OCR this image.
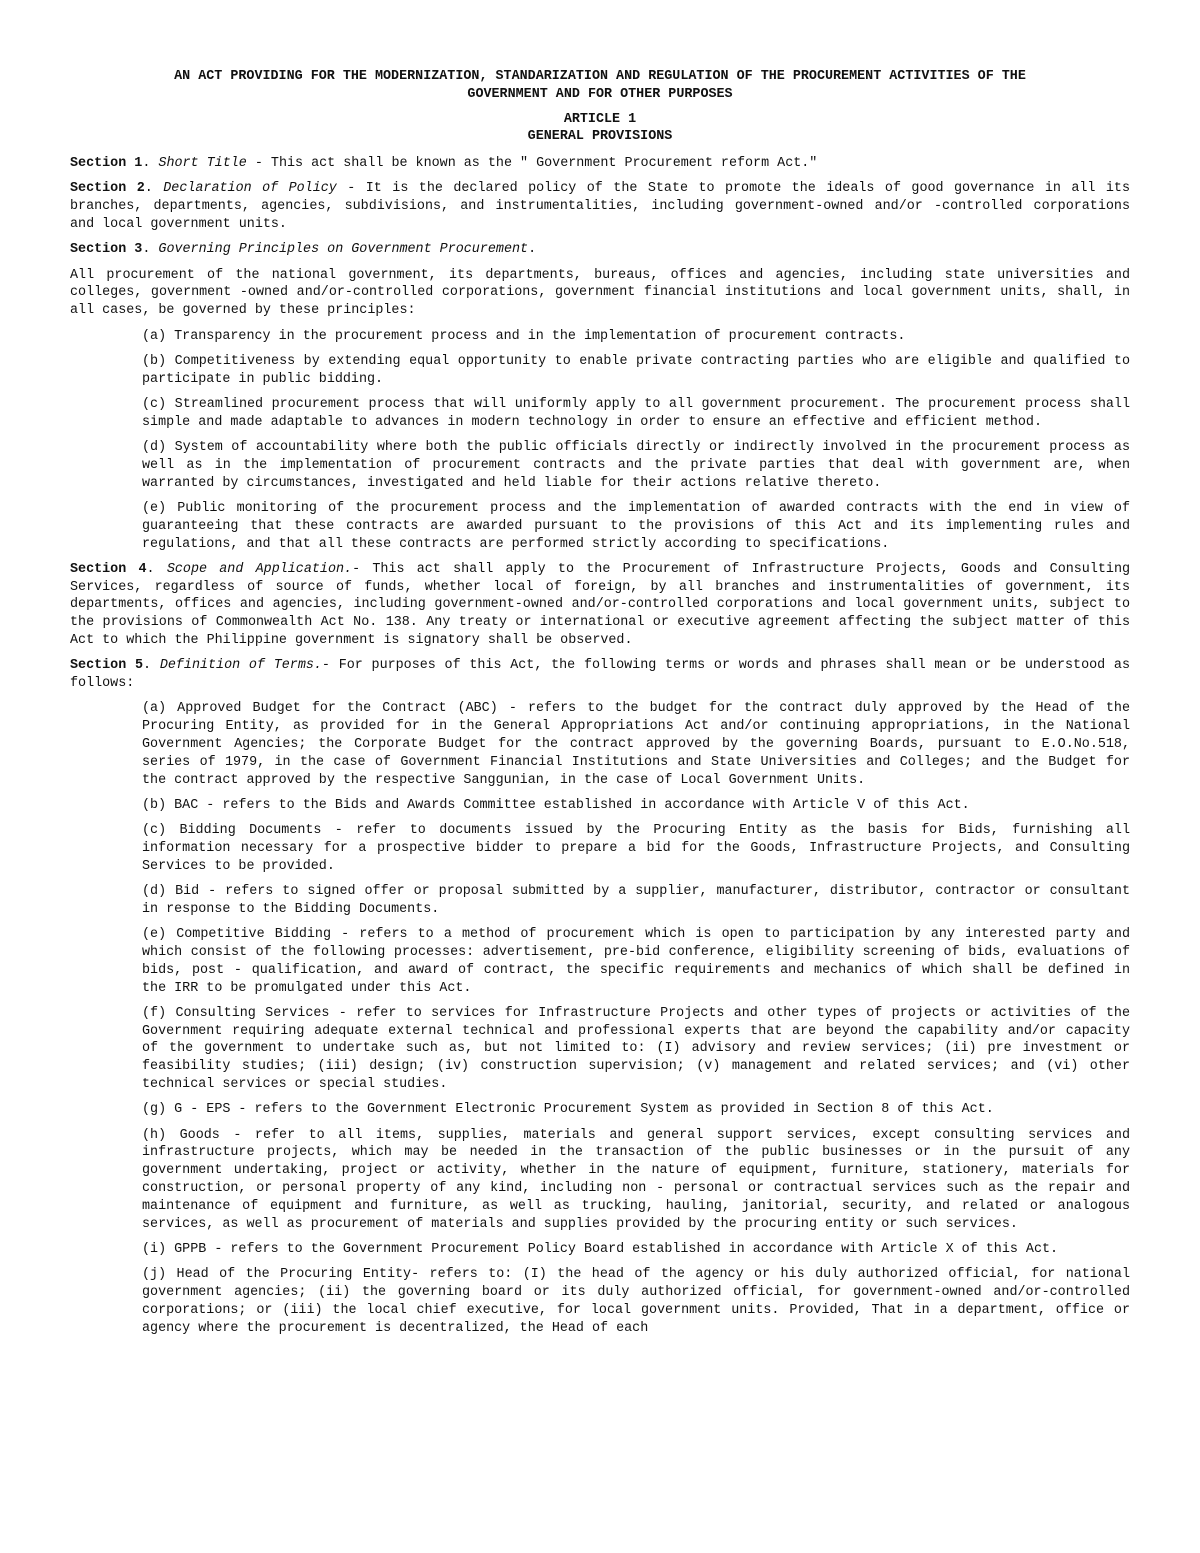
AN ACT PROVIDING FOR THE MODERNIZATION, STANDARIZATION AND REGULATION OF THE PROCUREMENT ACTIVITIES OF THE
GOVERNMENT AND FOR OTHER PURPOSES
ARTICLE 1
GENERAL PROVISIONS

Section 1. Short Title - This act shall be known as the " Government Procurement reform Act."

Section 2. Declaration of Policy - It is the declared policy of the State to promote the ideals of good governance in all its branches, departments, agencies, subdivisions, and instrumentalities, including government-owned and/or -controlled corporations and local government units.

Section 3. Governing Principles on Government Procurement.

All procurement of the national government, its departments, bureaus, offices and agencies, including state universities and colleges, government -owned and/or-controlled corporations, government financial institutions and local government units, shall, in all cases, be governed by these principles:

(a) Transparency in the procurement process and in the implementation of procurement contracts.
(b) Competitiveness by extending equal opportunity to enable private contracting parties who are eligible and qualified to participate in public bidding.
(c) Streamlined procurement process that will uniformly apply to all government procurement. The procurement process shall simple and made adaptable to advances in modern technology in order to ensure an effective and efficient method.
(d) System of accountability where both the public officials directly or indirectly involved in the procurement process as well as in the implementation of procurement contracts and the private parties that deal with government are, when warranted by circumstances, investigated and held liable for their actions relative thereto.
(e) Public monitoring of the procurement process and the implementation of awarded contracts with the end in view of guaranteeing that these contracts are awarded pursuant to the provisions of this Act and its implementing rules and regulations, and that all these contracts are performed strictly according to specifications.

Section 4. Scope and Application.- This act shall apply to the Procurement of Infrastructure Projects, Goods and Consulting Services, regardless of source of funds, whether local of foreign, by all branches and instrumentalities of government, its departments, offices and agencies, including government-owned and/or-controlled corporations and local government units, subject to the provisions of Commonwealth Act No. 138. Any treaty or international or executive agreement affecting the subject matter of this Act to which the Philippine government is signatory shall be observed.

Section 5. Definition of Terms.- For purposes of this Act, the following terms or words and phrases shall mean or be understood as follows:

(a) Approved Budget for the Contract (ABC) - refers to the budget for the contract duly approved by the Head of the Procuring Entity, as provided for in the General Appropriations Act and/or continuing appropriations, in the National Government Agencies; the Corporate Budget for the contract approved by the governing Boards, pursuant to E.O.No.518, series of 1979, in the case of Government Financial Institutions and State Universities and Colleges; and the Budget for the contract approved by the respective Sanggunian, in the case of Local Government Units.
(b) BAC - refers to the Bids and Awards Committee established in accordance with Article V of this Act.
(c) Bidding Documents - refer to documents issued by the Procuring Entity as the basis for Bids, furnishing all information necessary for a prospective bidder to prepare a bid for the Goods, Infrastructure Projects, and Consulting Services to be provided.
(d) Bid - refers to signed offer or proposal submitted by a supplier, manufacturer, distributor, contractor or consultant in response to the Bidding Documents.
(e) Competitive Bidding - refers to a method of procurement which is open to participation by any interested party and which consist of the following processes: advertisement, pre-bid conference, eligibility screening of bids, evaluations of bids, post - qualification, and award of contract, the specific requirements and mechanics of which shall be defined in the IRR to be promulgated under this Act.
(f) Consulting Services - refer to services for Infrastructure Projects and other types of projects or activities of the Government requiring adequate external technical and professional experts that are beyond the capability and/or capacity of the government to undertake such as, but not limited to: (I) advisory and review services; (ii) pre investment or feasibility studies; (iii) design; (iv) construction supervision; (v) management and related services; and (vi) other technical services or special studies.
(g) G - EPS - refers to the Government Electronic Procurement System as provided in Section 8 of this Act.
(h) Goods - refer to all items, supplies, materials and general support services, except consulting services and infrastructure projects, which may be needed in the transaction of the public businesses or in the pursuit of any government undertaking, project or activity, whether in the nature of equipment, furniture, stationery, materials for construction, or personal property of any kind, including non - personal or contractual services such as the repair and maintenance of equipment and furniture, as well as trucking, hauling, janitorial, security, and related or analogous services, as well as procurement of materials and supplies provided by the procuring entity or such services.
(i) GPPB - refers to the Government Procurement Policy Board established in accordance with Article X of this Act.
(j) Head of the Procuring Entity- refers to: (I) the head of the agency or his duly authorized official, for national government agencies; (ii) the governing board or its duly authorized official, for government-owned and/or-controlled corporations; or (iii) the local chief executive, for local government units. Provided, That in a department, office or agency where the procurement is decentralized, the Head of each
